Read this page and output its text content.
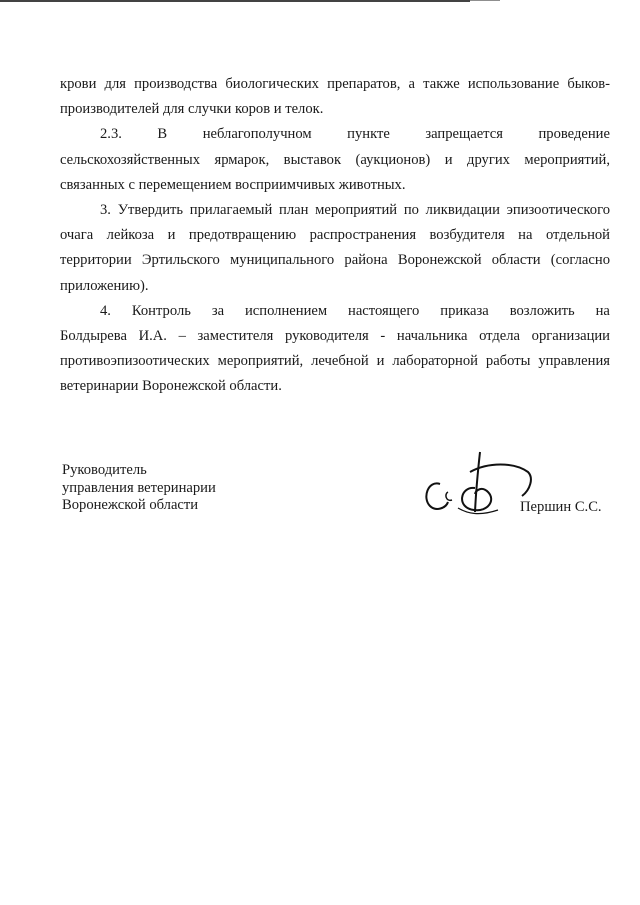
крови для производства биологических препаратов, а также использование быков-

производителей для случки коров и телок.

2.3. В неблагополучном пункте запрещается проведение

сельскохозяйственных ярмарок, выставок (аукционов) и других мероприятий,

связанных с перемещением восприимчивых животных.

3. Утвердить прилагаемый план мероприятий по ликвидации эпизоотического

очага лейкоза и предотвращению распространения возбудителя на отдельной

территории Эртильского муниципального района Воронежской области (согласно

приложению).

4. Контроль за исполнением настоящего приказа возложить на

Болдырева И.А. – заместителя руководителя - начальника отдела организации

противоэпизоотических мероприятий, лечебной и лабораторной работы управления

ветеринарии Воронежской области.

Руководитель
управления ветеринарии
Воронежской области	Першин С.С.
